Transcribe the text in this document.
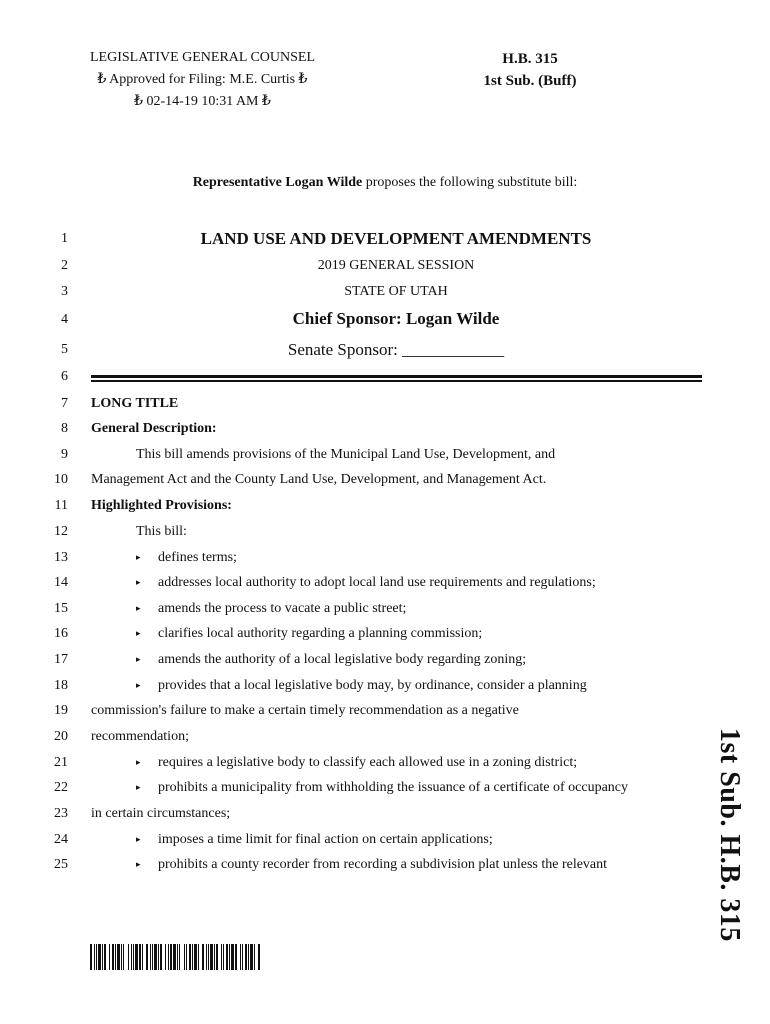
LEGISLATIVE GENERAL COUNSEL
₺ Approved for Filing: M.E. Curtis ₺
₺ 02-14-19 10:31 AM ₺
H.B. 315
1st Sub. (Buff)
Representative Logan Wilde proposes the following substitute bill:
1
2
3
4
5
6
7
8
9
10
11
12
13
14
15
16
17
18
19
20
21
22
23
24
25
LAND USE AND DEVELOPMENT AMENDMENTS
2019 GENERAL SESSION
STATE OF UTAH
Chief Sponsor: Logan Wilde
Senate Sponsor: ____________
LONG TITLE
General Description:
This bill amends provisions of the Municipal Land Use, Development, and
Management Act and the County Land Use, Development, and Management Act.
Highlighted Provisions:
This bill:
▸ defines terms;
▸ addresses local authority to adopt local land use requirements and regulations;
▸ amends the process to vacate a public street;
▸ clarifies local authority regarding a planning commission;
▸ amends the authority of a local legislative body regarding zoning;
▸ provides that a local legislative body may, by ordinance, consider a planning
commission's failure to make a certain timely recommendation as a negative
recommendation;
▸ requires a legislative body to classify each allowed use in a zoning district;
▸ prohibits a municipality from withholding the issuance of a certificate of occupancy
in certain circumstances;
▸ imposes a time limit for final action on certain applications;
▸ prohibits a county recorder from recording a subdivision plat unless the relevant	1st Sub. H.B. 315
